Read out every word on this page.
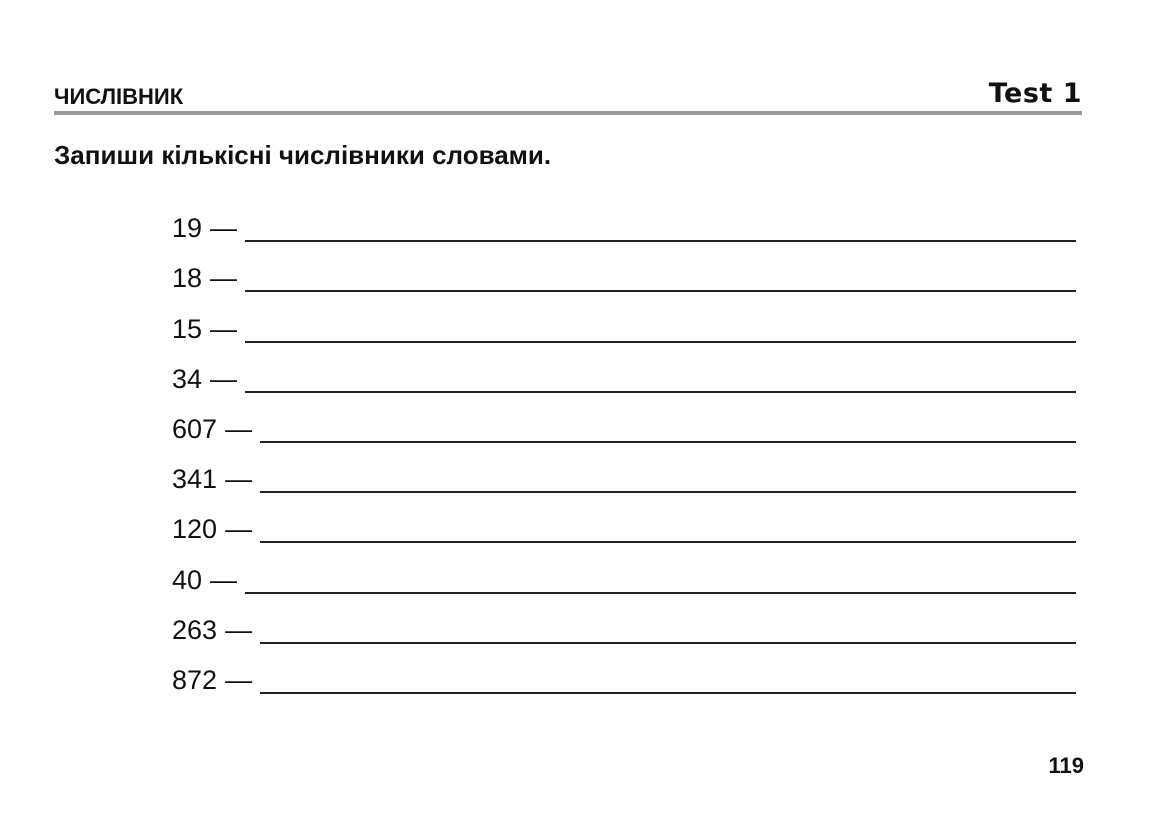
ЧИСЛІВНИК	Test 1
Запиши кількісні числівники словами.
19 —
18 —
15 —
34 —
607 —
341 —
120 —
40 —
263 —
872 —
119
